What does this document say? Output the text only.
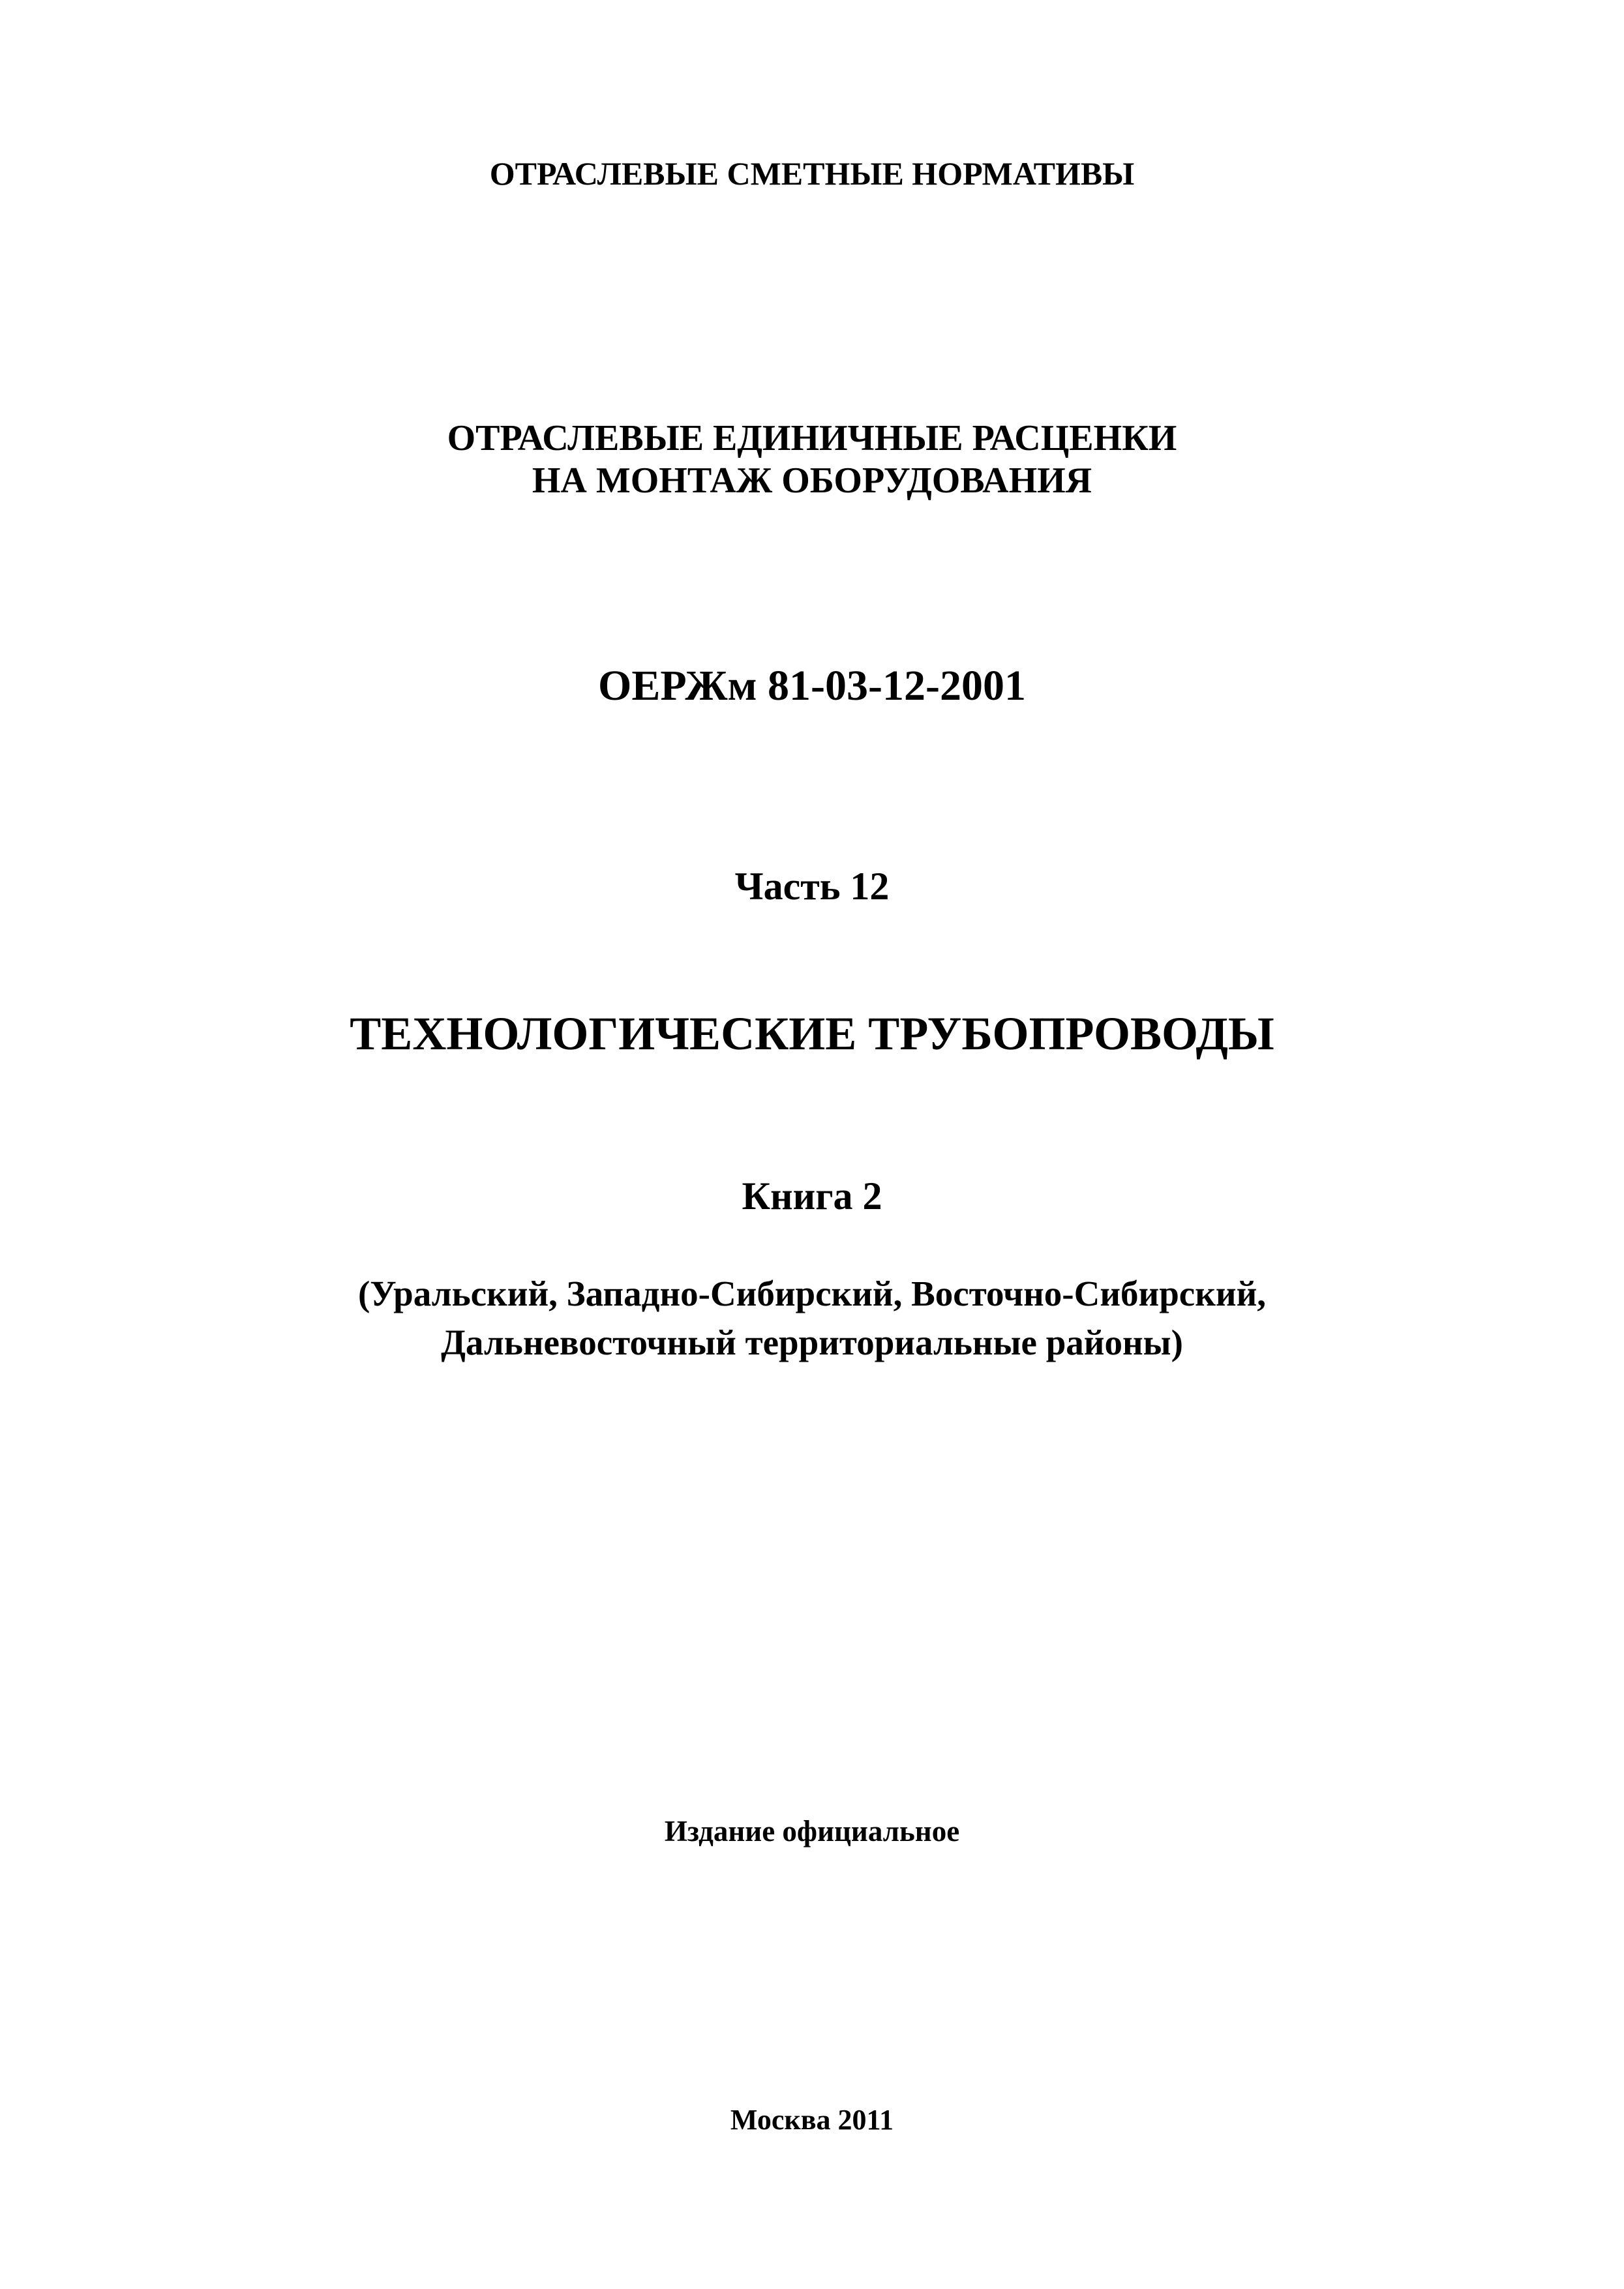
ОТРАСЛЕВЫЕ СМЕТНЫЕ НОРМАТИВЫ
ОТРАСЛЕВЫЕ ЕДИНИЧНЫЕ РАСЦЕНКИ
НА МОНТАЖ ОБОРУДОВАНИЯ
ОЕРЖм 81-03-12-2001
Часть 12
ТЕХНОЛОГИЧЕСКИЕ ТРУБОПРОВОДЫ
Книга 2
(Уральский, Западно-Сибирский, Восточно-Сибирский,
Дальневосточный территориальные районы)
Издание официальное
Москва 2011
